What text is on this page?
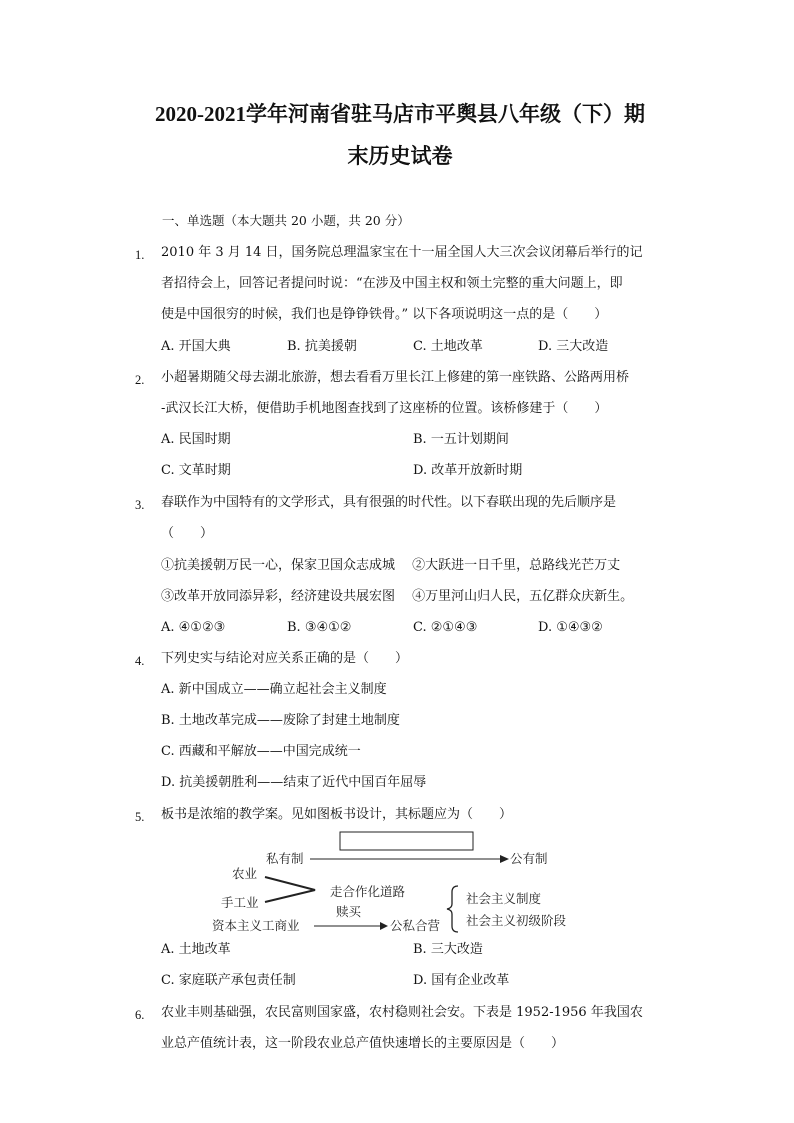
2020-2021学年河南省驻马店市平舆县八年级（下）期
末历史试卷
一、单选题（本大题共 20 小题，共 20 分）
1. 2010 年 3 月 14 日，国务院总理温家宝在十一届全国人大三次会议闭幕后举行的记
者招待会上，回答记者提问时说：“在涉及中国主权和领土完整的重大问题上，即
使是中国很穷的时候，我们也是铮铮铁骨。” 以下各项说明这一点的是（　　）
A. 开国大典	B. 抗美援朝	C. 土地改革	D. 三大改造
2. 小超暑期随父母去湖北旅游，想去看看万里长江上修建的第一座铁路、公路两用桥
-武汉长江大桥，便借助手机地图查找到了这座桥的位置。该桥修建于（　　）
A. 民国时期	B. 一五计划期间
C. 文革时期	D. 改革开放新时期
3. 春联作为中国特有的文学形式，具有很强的时代性。以下春联出现的先后顺序是
（　　）
①抗美援朝万民一心，保家卫国众志成城　 ②大跃进一日千里，总路线光芒万丈
③改革开放同添异彩，经济建设共展宏图　 ④万里河山归人民，五亿群众庆新生。
A. ④①②③	B. ③④①②	C. ②①④③	D. ①④③②
4. 下列史实与结论对应关系正确的是（　　）
A. 新中国成立——确立起社会主义制度
B. 土地改革完成——废除了封建土地制度
C. 西藏和平解放——中国完成统一
D. 抗美援朝胜利——结束了近代中国百年屈辱
5. 板书是浓缩的教学案。见如图板书设计，其标题应为（　　）
私有制	公有制
农业
手工业
走合作化道路
赎买
资本主义工商业	公私合营
社会主义制度
社会主义初级阶段
A. 土地改革	B. 三大改造
C. 家庭联产承包责任制	D. 国有企业改革
6. 农业丰则基础强，农民富则国家盛，农村稳则社会安。下表是 1952-1956 年我国农
业总产值统计表，这一阶段农业总产值快速增长的主要原因是（　　）
